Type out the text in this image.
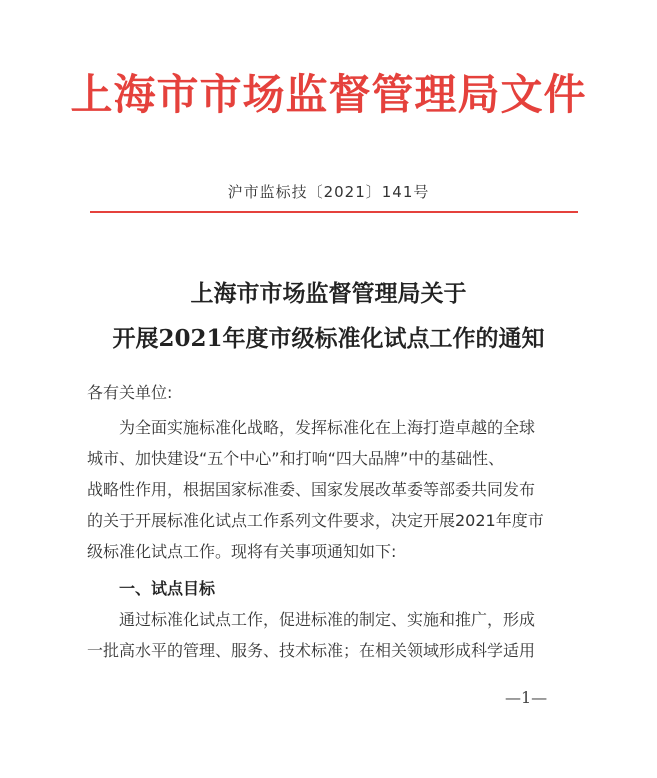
上海市市场监督管理局文件
沪市监标技〔2021〕141号
上海市市场监督管理局关于
开展2021年度市级标准化试点工作的通知
各有关单位:
为全面实施标准化战略，发挥标准化在上海打造卓越的全球
城市、加快建设“五个中心”和打响“四大品牌”中的基础性、
战略性作用，根据国家标准委、国家发展改革委等部委共同发布
的关于开展标准化试点工作系列文件要求，决定开展2021年度市
级标准化试点工作。现将有关事项通知如下:
一、试点目标
通过标准化试点工作，促进标准的制定、实施和推广，形成
一批高水平的管理、服务、技术标准；在相关领域形成科学适用
—1—
